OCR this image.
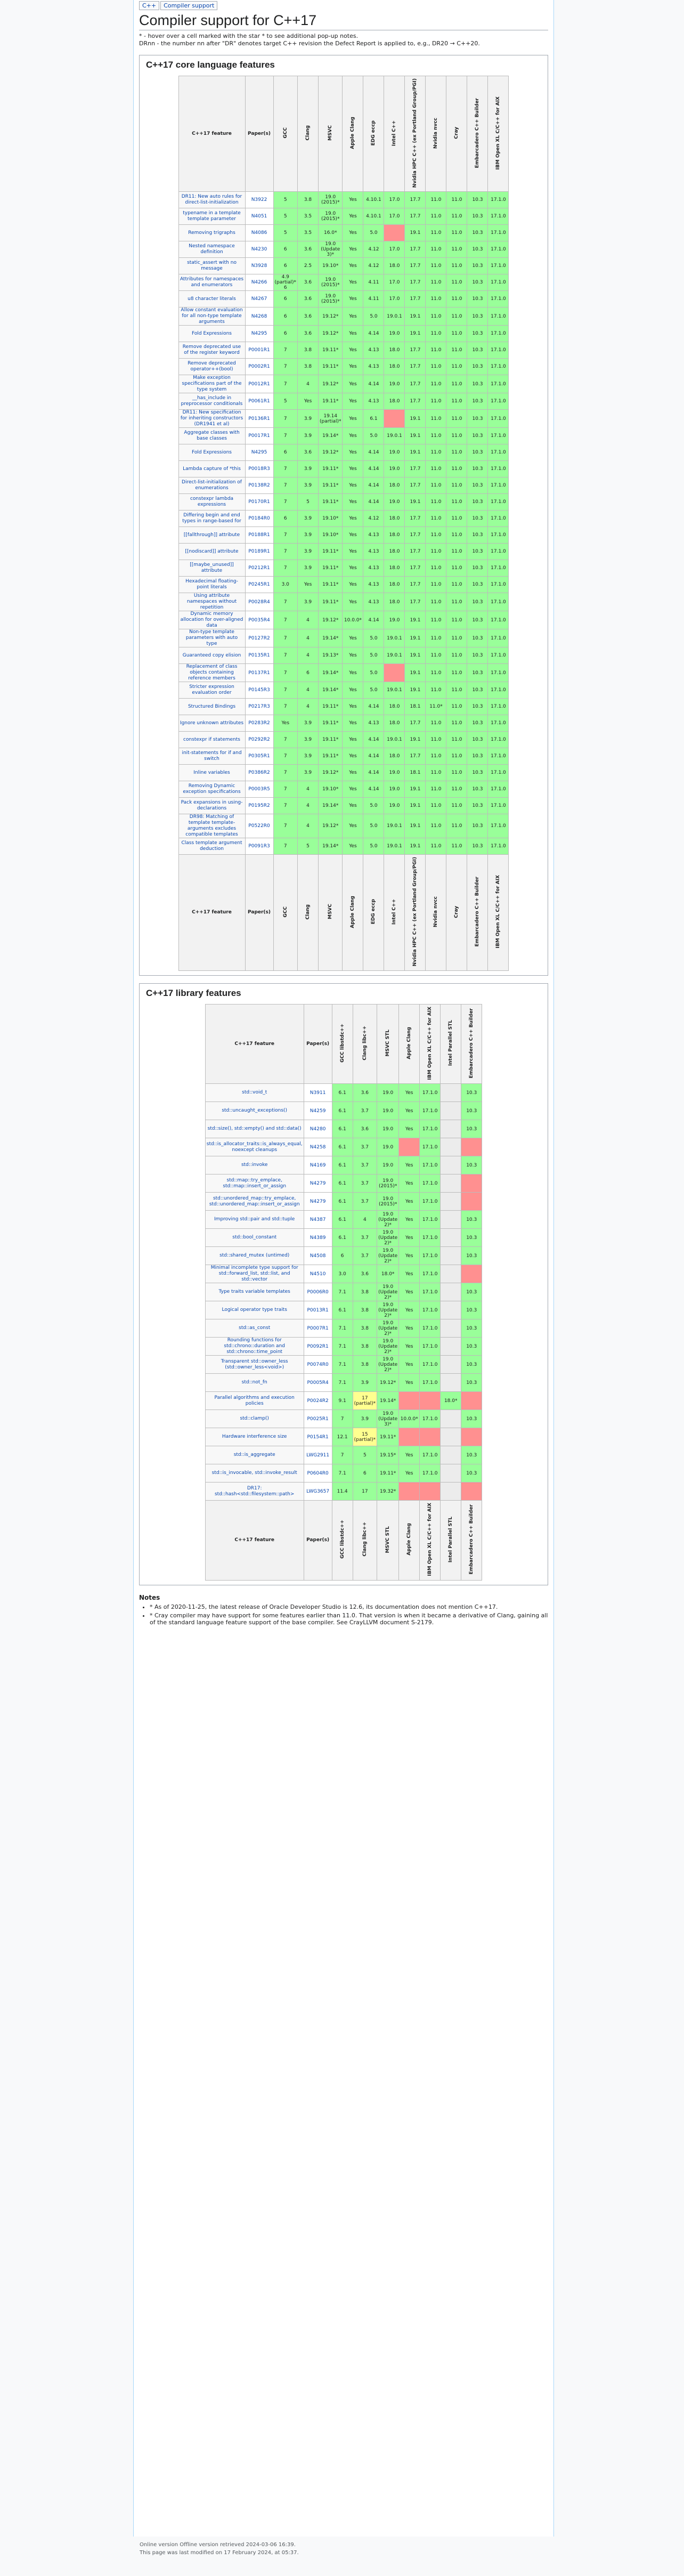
C++ Compiler support
Compiler support for C++17
* - hover over a cell marked with the star * to see additional pop-up notes.
DRnn - the number nn after "DR" denotes target C++ revision the Defect Report is applied to, e.g., DR20 → C++20.
C++17 core language features
C++17 feature	Paper(s)	GCC	Clang	MSVC	Apple Clang	EDG eccp	Intel C++	Nvidia HPC C++ (ex Portland Group/PGI)	Nvidia nvcc	Cray	Embarcadero C++ Builder	IBM Open XL C/C++ for AIX
DR11: New auto rules for direct-list-initialization	N3922	5	3.8	19.0 (2015)*	Yes	4.10.1	17.0	17.7	11.0	11.0	10.3	17.1.0
typename in a template template parameter	N4051	5	3.5	19.0 (2015)*	Yes	4.10.1	17.0	17.7	11.0	11.0	10.3	17.1.0
Removing trigraphs	N4086	5	3.5	16.0*	Yes	5.0		19.1	11.0	11.0	10.3	17.1.0
Nested namespace definition	N4230	6	3.6	19.0 (Update 3)*	Yes	4.12	17.0	17.7	11.0	11.0	10.3	17.1.0
static_assert with no message	N3928	6	2.5	19.10*	Yes	4.12	18.0	17.7	11.0	11.0	10.3	17.1.0
Attributes for namespaces and enumerators	N4266	4.9 (partial)* 6	3.6	19.0 (2015)*	Yes	4.11	17.0	17.7	11.0	11.0	10.3	17.1.0
u8 character literals	N4267	6	3.6	19.0 (2015)*	Yes	4.11	17.0	17.7	11.0	11.0	10.3	17.1.0
Allow constant evaluation for all non-type template arguments	N4268	6	3.6	19.12*	Yes	5.0	19.0.1	19.1	11.0	11.0	10.3	17.1.0
Fold Expressions	N4295	6	3.6	19.12*	Yes	4.14	19.0	19.1	11.0	11.0	10.3	17.1.0
Remove deprecated use of the register keyword	P0001R1	7	3.8	19.11*	Yes	4.13	18.0	17.7	11.0	11.0	10.3	17.1.0
Remove deprecated operator++(bool)	P0002R1	7	3.8	19.11*	Yes	4.13	18.0	17.7	11.0	11.0	10.3	17.1.0
Make exception specifications part of the type system	P0012R1	7	4	19.12*	Yes	4.14	19.0	17.7	11.0	11.0	10.3	17.1.0
__has_include in preprocessor conditionals	P0061R1	5	Yes	19.11*	Yes	4.13	18.0	17.7	11.0	11.0	10.3	17.1.0
DR11: New specification for inheriting constructors (DR1941 et al)	P0136R1	7	3.9	19.14 (partial)*	Yes	6.1		19.1	11.0	11.0	10.3	17.1.0
Aggregate classes with base classes	P0017R1	7	3.9	19.14*	Yes	5.0	19.0.1	19.1	11.0	11.0	10.3	17.1.0
Fold Expressions	N4295	6	3.6	19.12*	Yes	4.14	19.0	19.1	11.0	11.0	10.3	17.1.0
Lambda capture of *this	P0018R3	7	3.9	19.11*	Yes	4.14	19.0	17.7	11.0	11.0	10.3	17.1.0
Direct-list-initialization of enumerations	P0138R2	7	3.9	19.11*	Yes	4.14	18.0	17.7	11.0	11.0	10.3	17.1.0
constexpr lambda expressions	P0170R1	7	5	19.11*	Yes	4.14	19.0	19.1	11.0	11.0	10.3	17.1.0
Differing begin and end types in range-based for	P0184R0	6	3.9	19.10*	Yes	4.12	18.0	17.7	11.0	11.0	10.3	17.1.0
[[fallthrough]] attribute	P0188R1	7	3.9	19.10*	Yes	4.13	18.0	17.7	11.0	11.0	10.3	17.1.0
[[nodiscard]] attribute	P0189R1	7	3.9	19.11*	Yes	4.13	18.0	17.7	11.0	11.0	10.3	17.1.0
[[maybe_unused]] attribute	P0212R1	7	3.9	19.11*	Yes	4.13	18.0	17.7	11.0	11.0	10.3	17.1.0
Hexadecimal floating-point literals	P0245R1	3.0	Yes	19.11*	Yes	4.13	18.0	17.7	11.0	11.0	10.3	17.1.0
Using attribute namespaces without repetition	P0028R4	7	3.9	19.11*	Yes	4.13	18.0	17.7	11.0	11.0	10.3	17.1.0
Dynamic memory allocation for over-aligned data	P0035R4	7	4	19.12*	10.0.0*	4.14	19.0	19.1	11.0	11.0	10.3	17.1.0
Non-type template parameters with auto type	P0127R2	7	4	19.14*	Yes	5.0	19.0.1	19.1	11.0	11.0	10.3	17.1.0
Guaranteed copy elision	P0135R1	7	4	19.13*	Yes	5.0	19.0.1	19.1	11.0	11.0	10.3	17.1.0
Replacement of class objects containing reference members	P0137R1	7	6	19.14*	Yes	5.0		19.1	11.0	11.0	10.3	17.1.0
Stricter expression evaluation order	P0145R3	7	4	19.14*	Yes	5.0	19.0.1	19.1	11.0	11.0	10.3	17.1.0
Structured Bindings	P0217R3	7	4	19.11*	Yes	4.14	18.0	18.1	11.0*	11.0	10.3	17.1.0
Ignore unknown attributes	P0283R2	Yes	3.9	19.11*	Yes	4.13	18.0	17.7	11.0	11.0	10.3	17.1.0
constexpr if statements	P0292R2	7	3.9	19.11*	Yes	4.14	19.0.1	19.1	11.0	11.0	10.3	17.1.0
init-statements for if and switch	P0305R1	7	3.9	19.11*	Yes	4.14	18.0	17.7	11.0	11.0	10.3	17.1.0
Inline variables	P0386R2	7	3.9	19.12*	Yes	4.14	19.0	18.1	11.0	11.0	10.3	17.1.0
Removing Dynamic exception specifications	P0003R5	7	4	19.10*	Yes	4.14	19.0	19.1	11.0	11.0	10.3	17.1.0
Pack expansions in using-declarations	P0195R2	7	4	19.14*	Yes	5.0	19.0	19.1	11.0	11.0	10.3	17.1.0
DR98: Matching of template template-arguments excludes compatible templates	P0522R0	7	4	19.12*	Yes	5.0	19.0.1	19.1	11.0	11.0	10.3	17.1.0
Class template argument deduction	P0091R3	7	5	19.14*	Yes	5.0	19.0.1	19.1	11.0	11.0	10.3	17.1.0
C++17 feature	Paper(s)	GCC	Clang	MSVC	Apple Clang	EDG eccp	Intel C++	Nvidia HPC C++ (ex Portland Group/PGI)	Nvidia nvcc	Cray	Embarcadero C++ Builder	IBM Open XL C/C++ for AIX
C++17 library features
C++17 feature	Paper(s)	GCC libstdc++	Clang libc++	MSVC STL	Apple Clang	IBM Open XL C/C++ for AIX	Intel Parallel STL	Embarcadero C++ Builder
std::void_t	N3911	6.1	3.6	19.0	Yes	17.1.0		10.3
std::uncaught_exceptions()	N4259	6.1	3.7	19.0	Yes	17.1.0		10.3
std::size(), std::empty() and std::data()	N4280	6.1	3.6	19.0	Yes	17.1.0		10.3
std::is_allocator_traits::is_always_equal, noexcept cleanups	N4258	6.1	3.7	19.0		17.1.0		
std::invoke	N4169	6.1	3.7	19.0	Yes	17.1.0		10.3
std::map::try_emplace, std::map::insert_or_assign	N4279	6.1	3.7	19.0 (2015)*	Yes	17.1.0		
std::unordered_map::try_emplace, std::unordered_map::insert_or_assign	N4279	6.1	3.7	19.0 (2015)*	Yes	17.1.0		
Improving std::pair and std::tuple	N4387	6.1	4	19.0 (Update 2)*	Yes	17.1.0		10.3
std::bool_constant	N4389	6.1	3.7	19.0 (Update 2)*	Yes	17.1.0		10.3
std::shared_mutex (untimed)	N4508	6	3.7	19.0 (Update 2)*	Yes	17.1.0		10.3
Minimal incomplete type support for std::forward_list, std::list, and std::vector	N4510	3.0	3.6	18.0*	Yes	17.1.0		
Type traits variable templates	P0006R0	7.1	3.8	19.0 (Update 2)*	Yes	17.1.0		10.3
Logical operator type traits	P0013R1	6.1	3.8	19.0 (Update 2)*	Yes	17.1.0		10.3
std::as_const	P0007R1	7.1	3.8	19.0 (Update 2)*	Yes	17.1.0		10.3
Rounding functions for std::chrono::duration and std::chrono::time_point	P0092R1	7.1	3.8	19.0 (Update 2)*	Yes	17.1.0		10.3
Transparent std::owner_less (std::owner_less<void>)	P0074R0	7.1	3.8	19.0 (Update 2)*	Yes	17.1.0		10.3
std::not_fn	P0005R4	7.1	3.9	19.12*	Yes	17.1.0		10.3
Parallel algorithms and execution policies	P0024R2	9.1	17 (partial)*	19.14*			18.0*	
std::clamp()	P0025R1	7	3.9	19.0 (Update 3)*	10.0.0*	17.1.0		10.3
Hardware interference size	P0154R1	12.1	15 (partial)*	19.11*				
std::is_aggregate	LWG2911	7	5	19.15*	Yes	17.1.0		10.3
std::is_invocable, std::invoke_result	P0604R0	7.1	6	19.11*	Yes	17.1.0		10.3
DR17: std::hash<std::filesystem::path>	LWG3657	11.4	17	19.32*				
C++17 feature	Paper(s)	GCC libstdc++	Clang libc++	MSVC STL	Apple Clang	IBM Open XL C/C++ for AIX	Intel Parallel STL	Embarcadero C++ Builder
Notes
• * As of 2020-11-25, the latest release of Oracle Developer Studio is 12.6, its documentation does not mention C++17.
• * Cray compiler may have support for some features earlier than 11.0. That version is when it became a derivative of Clang, gaining all of the standard language feature support of the base compiler. See CrayLLVM document S-2179.
Online version Offline version retrieved 2024-03-06 16:39.
This page was last modified on 17 February 2024, at 05:37.
